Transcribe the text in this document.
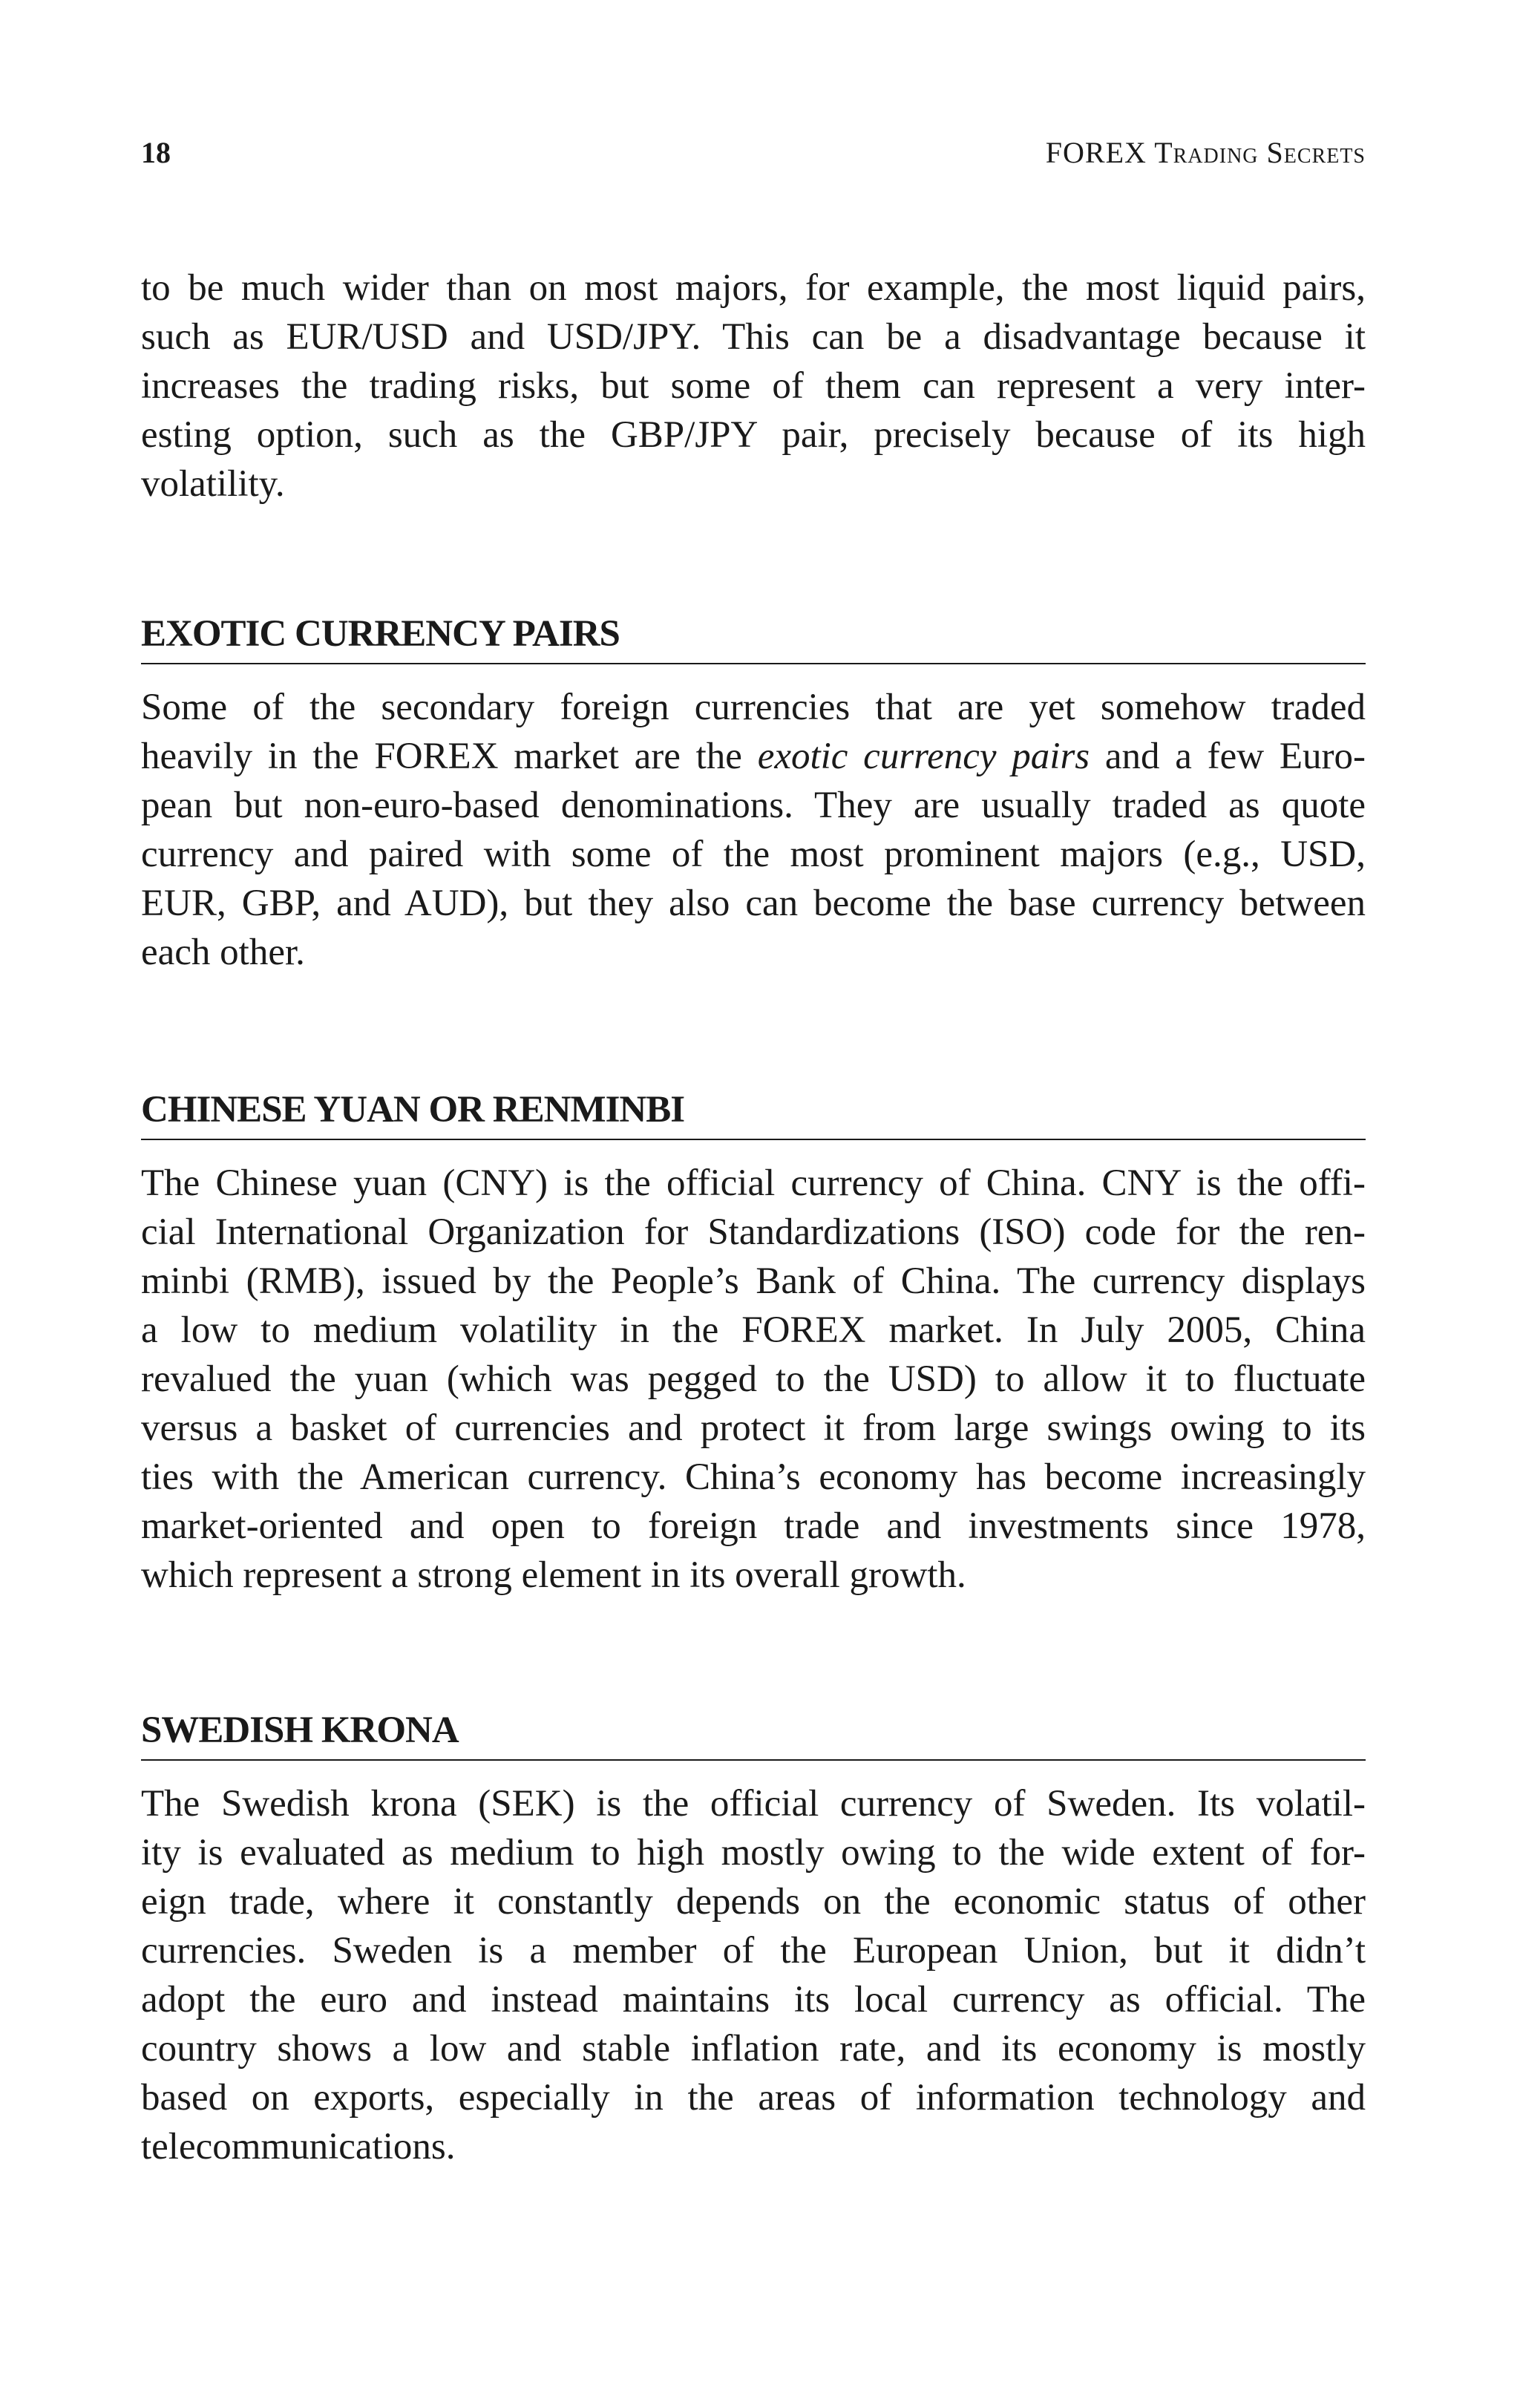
18	FOREX Trading Secrets

to be much wider than on most majors, for example, the most liquid pairs,
such as EUR/USD and USD/JPY. This can be a disadvantage because it
increases the trading risks, but some of them can represent a very inter-
esting option, such as the GBP/JPY pair, precisely because of its high
volatility.

EXOTIC CURRENCY PAIRS

Some of the secondary foreign currencies that are yet somehow traded
heavily in the FOREX market are the exotic currency pairs and a few Euro-
pean but non-euro-based denominations. They are usually traded as quote
currency and paired with some of the most prominent majors (e.g., USD,
EUR, GBP, and AUD), but they also can become the base currency between
each other.

CHINESE YUAN OR RENMINBI

The Chinese yuan (CNY) is the official currency of China. CNY is the offi-
cial International Organization for Standardizations (ISO) code for the ren-
minbi (RMB), issued by the People’s Bank of China. The currency displays
a low to medium volatility in the FOREX market. In July 2005, China
revalued the yuan (which was pegged to the USD) to allow it to fluctuate
versus a basket of currencies and protect it from large swings owing to its
ties with the American currency. China’s economy has become increasingly
market-oriented and open to foreign trade and investments since 1978,
which represent a strong element in its overall growth.

SWEDISH KRONA

The Swedish krona (SEK) is the official currency of Sweden. Its volatil-
ity is evaluated as medium to high mostly owing to the wide extent of for-
eign trade, where it constantly depends on the economic status of other
currencies. Sweden is a member of the European Union, but it didn’t
adopt the euro and instead maintains its local currency as official. The
country shows a low and stable inflation rate, and its economy is mostly
based on exports, especially in the areas of information technology and
telecommunications.
